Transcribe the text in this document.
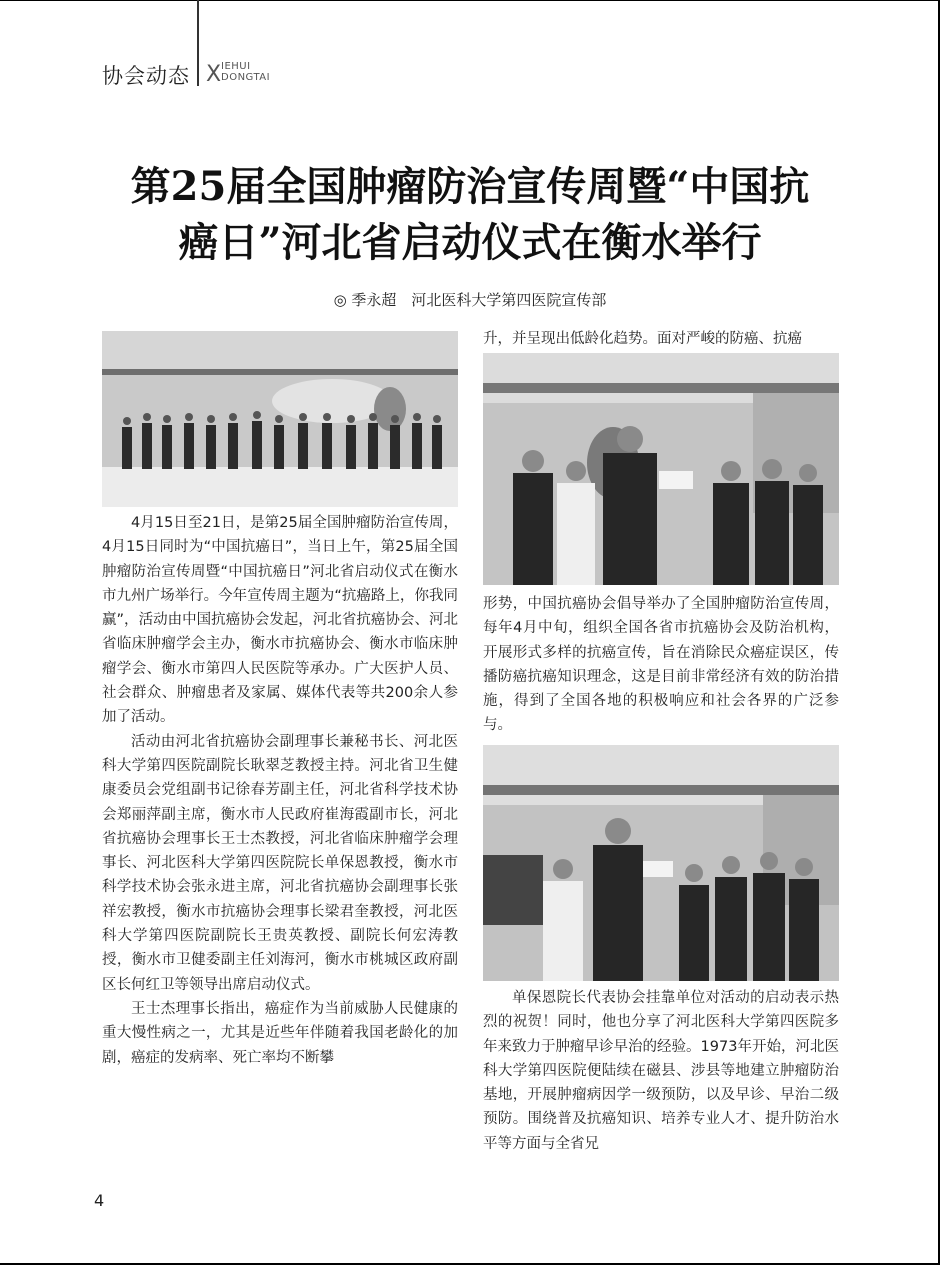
协会动态 X IEHUI
DONGTAI
第25届全国肿瘤防治宣传周暨“中国抗
癌日”河北省启动仪式在衡水举行
◎ 季永超　河北医科大学第四医院宣传部

4月15日至21日，是第25届全国肿瘤防治宣传周，4月15日同时为“中国抗癌日”，当日上午，第25届全国肿瘤防治宣传周暨“中国抗癌日”河北省启动仪式在衡水市九州广场举行。今年宣传周主题为“抗癌路上，你我同赢”，活动由中国抗癌协会发起，河北省抗癌协会、河北省临床肿瘤学会主办，衡水市抗癌协会、衡水市临床肿瘤学会、衡水市第四人民医院等承办。广大医护人员、社会群众、肿瘤患者及家属、媒体代表等共200余人参加了活动。

活动由河北省抗癌协会副理事长兼秘书长、河北医科大学第四医院副院长耿翠芝教授主持。河北省卫生健康委员会党组副书记徐春芳副主任，河北省科学技术协会郑丽萍副主席，衡水市人民政府崔海霞副市长，河北省抗癌协会理事长王士杰教授，河北省临床肿瘤学会理事长、河北医科大学第四医院院长单保恩教授，衡水市科学技术协会张永进主席，河北省抗癌协会副理事长张祥宏教授，衡水市抗癌协会理事长梁君奎教授，河北医科大学第四医院副院长王贵英教授、副院长何宏涛教授，衡水市卫健委副主任刘海河，衡水市桃城区政府副区长何红卫等领导出席启动仪式。

王士杰理事长指出，癌症作为当前威胁人民健康的重大慢性病之一，尤其是近些年伴随着我国老龄化的加剧，癌症的发病率、死亡率均不断攀

升，并呈现出低龄化趋势。面对严峻的防癌、抗癌

形势，中国抗癌协会倡导举办了全国肿瘤防治宣传周，每年4月中旬，组织全国各省市抗癌协会及防治机构，开展形式多样的抗癌宣传，旨在消除民众癌症误区，传播防癌抗癌知识理念，这是目前非常经济有效的防治措施，得到了全国各地的积极响应和社会各界的广泛参与。

单保恩院长代表协会挂靠单位对活动的启动表示热烈的祝贺！同时，他也分享了河北医科大学第四医院多年来致力于肿瘤早诊早治的经验。1973年开始，河北医科大学第四医院便陆续在磁县、涉县等地建立肿瘤防治基地，开展肿瘤病因学一级预防，以及早诊、早治二级预防。围绕普及抗癌知识、培养专业人才、提升防治水平等方面与全省兄

4
